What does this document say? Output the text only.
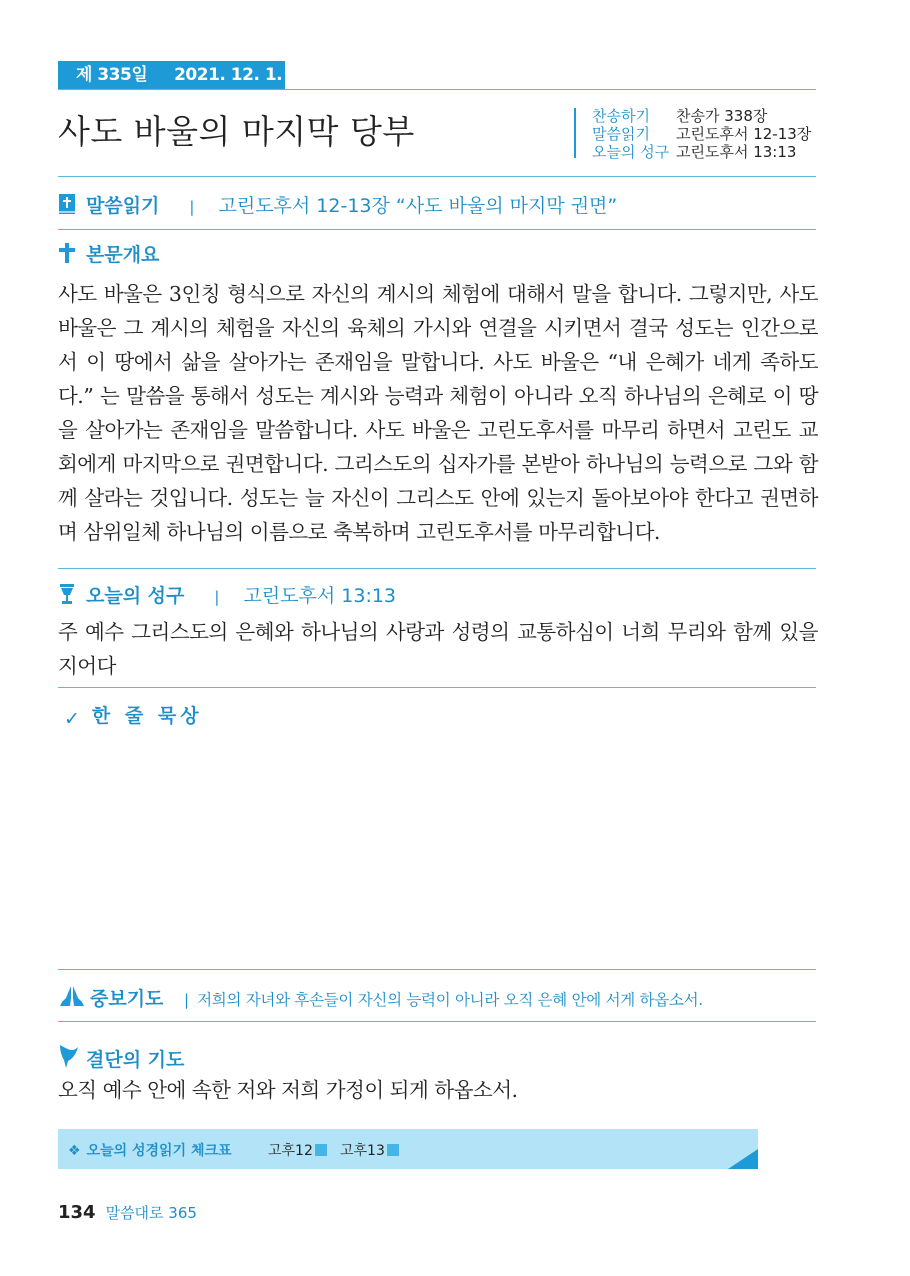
제 335일 2021. 12. 1. 수
사도 바울의 마지막 당부	찬송하기 찬송가 338장
말씀읽기 고린도후서 12-13장
오늘의 성구 고린도후서 13:13
말씀읽기 | 고린도후서 12-13장 “사도 바울의 마지막 권면”
본문개요
사도 바울은 3인칭 형식으로 자신의 계시의 체험에 대해서 말을 합니다. 그렇지만, 사도 바울은 그 계시의 체험을 자신의 육체의 가시와 연결을 시키면서 결국 성도는 인간으로서 이 땅에서 삶을 살아가는 존재임을 말합니다. 사도 바울은 “내 은혜가 네게 족하도다.” 는 말씀을 통해서 성도는 계시와 능력과 체험이 아니라 오직 하나님의 은혜로 이 땅을 살아가는 존재임을 말씀합니다. 사도 바울은 고린도후서를 마무리 하면서 고린도 교회에게 마지막으로 권면합니다. 그리스도의 십자가를 본받아 하나님의 능력으로 그와 함께 살라는 것입니다. 성도는 늘 자신이 그리스도 안에 있는지 돌아보아야 한다고 권면하며 삼위일체 하나님의 이름으로 축복하며 고린도후서를 마무리합니다.
오늘의 성구 | 고린도후서 13:13
주 예수 그리스도의 은혜와 하나님의 사랑과 성령의 교통하심이 너희 무리와 함께 있을지어다
✓ 한 줄 묵상
중보기도 | 저희의 자녀와 후손들이 자신의 능력이 아니라 오직 은혜 안에 서게 하옵소서.
결단의 기도
오직 예수 안에 속한 저와 저희 가정이 되게 하옵소서.
❖ 오늘의 성경읽기 체크표	고후12	고후13
134 말씀대로 365
